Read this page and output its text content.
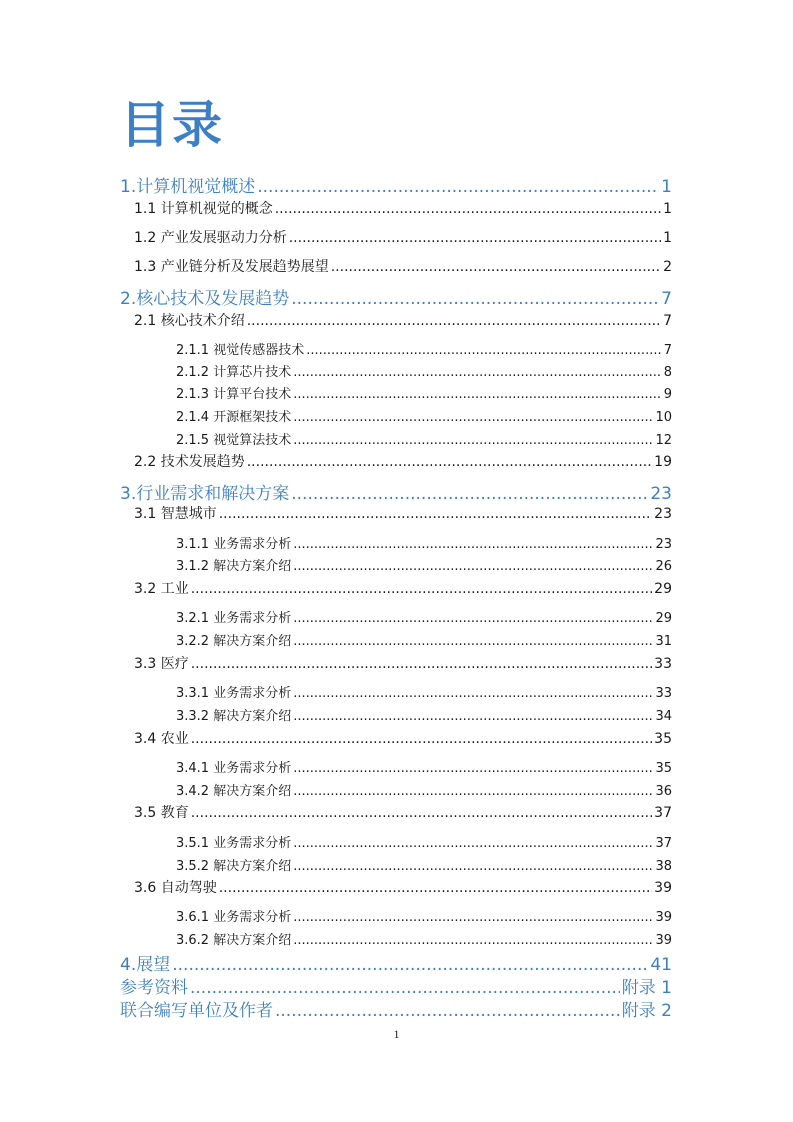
目录
1.计算机视觉概述 .....	1
1.1 计算机视觉的概念 .....	1
1.2 产业发展驱动力分析 .....	1
1.3 产业链分析及发展趋势展望 .....	2
2.核心技术及发展趋势 .....	7
2.1 核心技术介绍 .....	7
2.1.1 视觉传感器技术 .....	7
2.1.2 计算芯片技术 .....	8
2.1.3 计算平台技术 .....	9
2.1.4 开源框架技术 .....	10
2.1.5 视觉算法技术 .....	12
2.2 技术发展趋势 .....	19
3.行业需求和解决方案 .....	23
3.1 智慧城市 .....	23
3.1.1 业务需求分析 .....	23
3.1.2 解决方案介绍 .....	26
3.2 工业 .....	29
3.2.1 业务需求分析 .....	29
3.2.2 解决方案介绍 .....	31
3.3 医疗 .....	33
3.3.1 业务需求分析 .....	33
3.3.2 解决方案介绍 .....	34
3.4 农业 .....	35
3.4.1 业务需求分析 .....	35
3.4.2 解决方案介绍 .....	36
3.5 教育 .....	37
3.5.1 业务需求分析 .....	37
3.5.2 解决方案介绍 .....	38
3.6 自动驾驶 .....	39
3.6.1 业务需求分析 .....	39
3.6.2 解决方案介绍 .....	39
4.展望 .....	41
参考资料 .....	附录 1
联合编写单位及作者 .....	附录 2
1
